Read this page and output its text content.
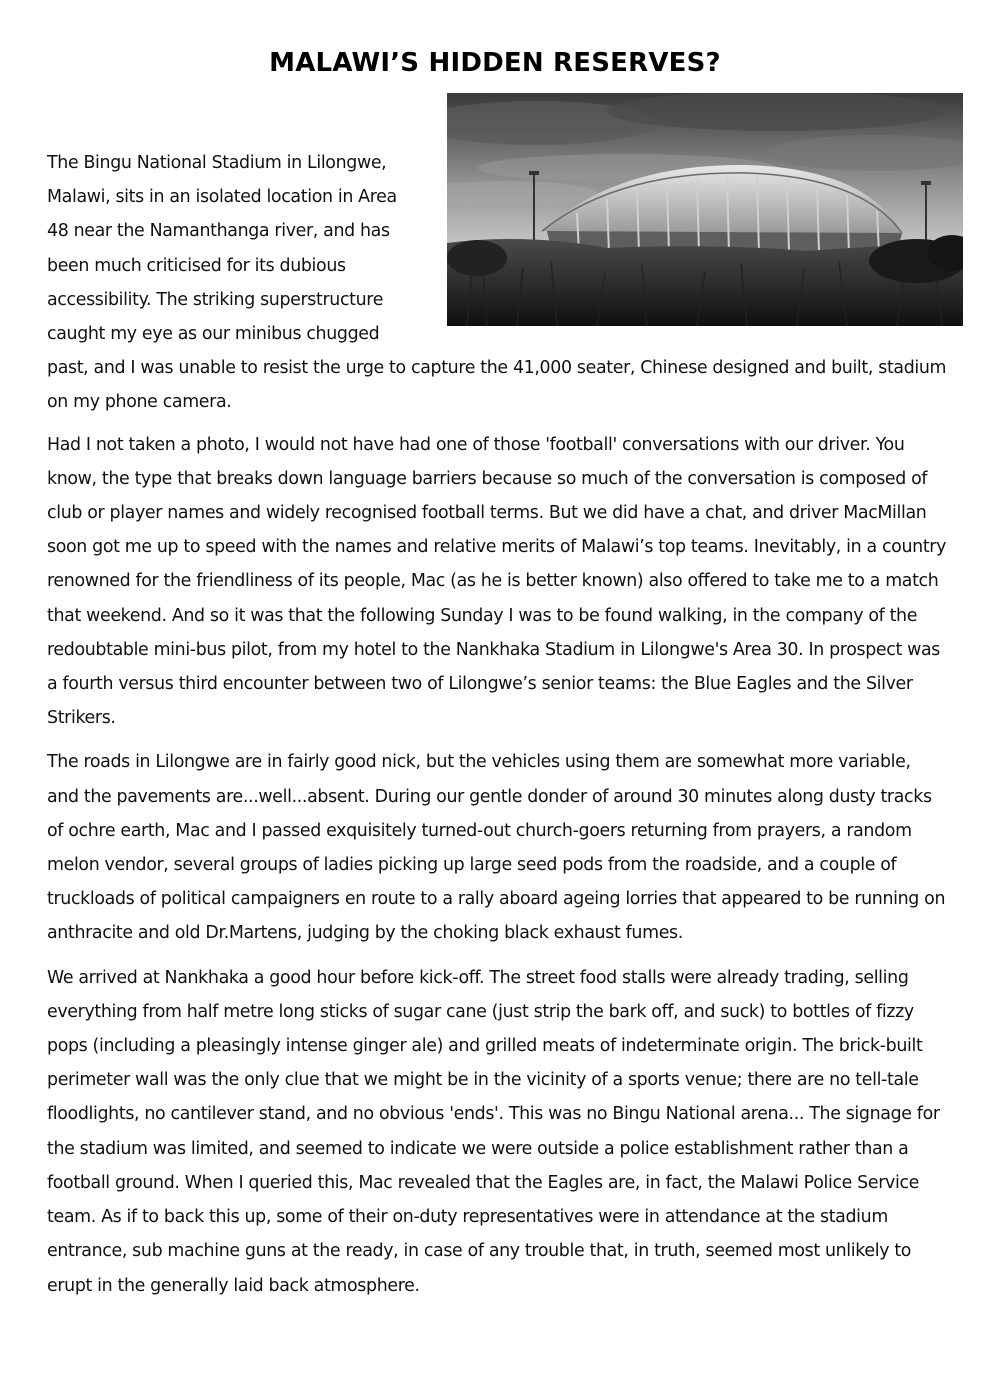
MALAWI’S HIDDEN RESERVES?

The Bingu National Stadium in Lilongwe, Malawi, sits in an isolated location in Area 48 near the Namanthanga river, and has been much criticised for its dubious accessibility. The striking superstructure caught my eye as our minibus chugged past, and I was unable to resist the urge to capture the 41,000 seater, Chinese designed and built, stadium on my phone camera.

Had I not taken a photo, I would not have had one of those 'football' conversations with our driver. You know, the type that breaks down language barriers because so much of the conversation is composed of club or player names and widely recognised football terms. But we did have a chat, and driver MacMillan soon got me up to speed with the names and relative merits of Malawi’s top teams. Inevitably, in a country renowned for the friendliness of its people, Mac (as he is better known) also offered to take me to a match that weekend. And so it was that the following Sunday I was to be found walking, in the company of the redoubtable mini-bus pilot, from my hotel to the Nankhaka Stadium in Lilongwe's Area 30. In prospect was a fourth versus third encounter between two of Lilongwe’s senior teams: the Blue Eagles and the Silver Strikers.

The roads in Lilongwe are in fairly good nick, but the vehicles using them are somewhat more variable, and the pavements are...well...absent. During our gentle donder of around 30 minutes along dusty tracks of ochre earth, Mac and I passed exquisitely turned-out church-goers returning from prayers, a random melon vendor, several groups of ladies picking up large seed pods from the roadside, and a couple of truckloads of political campaigners en route to a rally aboard ageing lorries that appeared to be running on anthracite and old Dr.Martens, judging by the choking black exhaust fumes.

We arrived at Nankhaka a good hour before kick-off. The street food stalls were already trading, selling everything from half metre long sticks of sugar cane (just strip the bark off, and suck) to bottles of fizzy pops (including a pleasingly intense ginger ale) and grilled meats of indeterminate origin. The brick-built perimeter wall was the only clue that we might be in the vicinity of a sports venue; there are no tell-tale floodlights, no cantilever stand, and no obvious 'ends'. This was no Bingu National arena... The signage for the stadium was limited, and seemed to indicate we were outside a police establishment rather than a football ground. When I queried this, Mac revealed that the Eagles are, in fact, the Malawi Police Service team. As if to back this up, some of their on-duty representatives were in attendance at the stadium entrance, sub machine guns at the ready, in case of any trouble that, in truth, seemed most unlikely to erupt in the generally laid back atmosphere.
